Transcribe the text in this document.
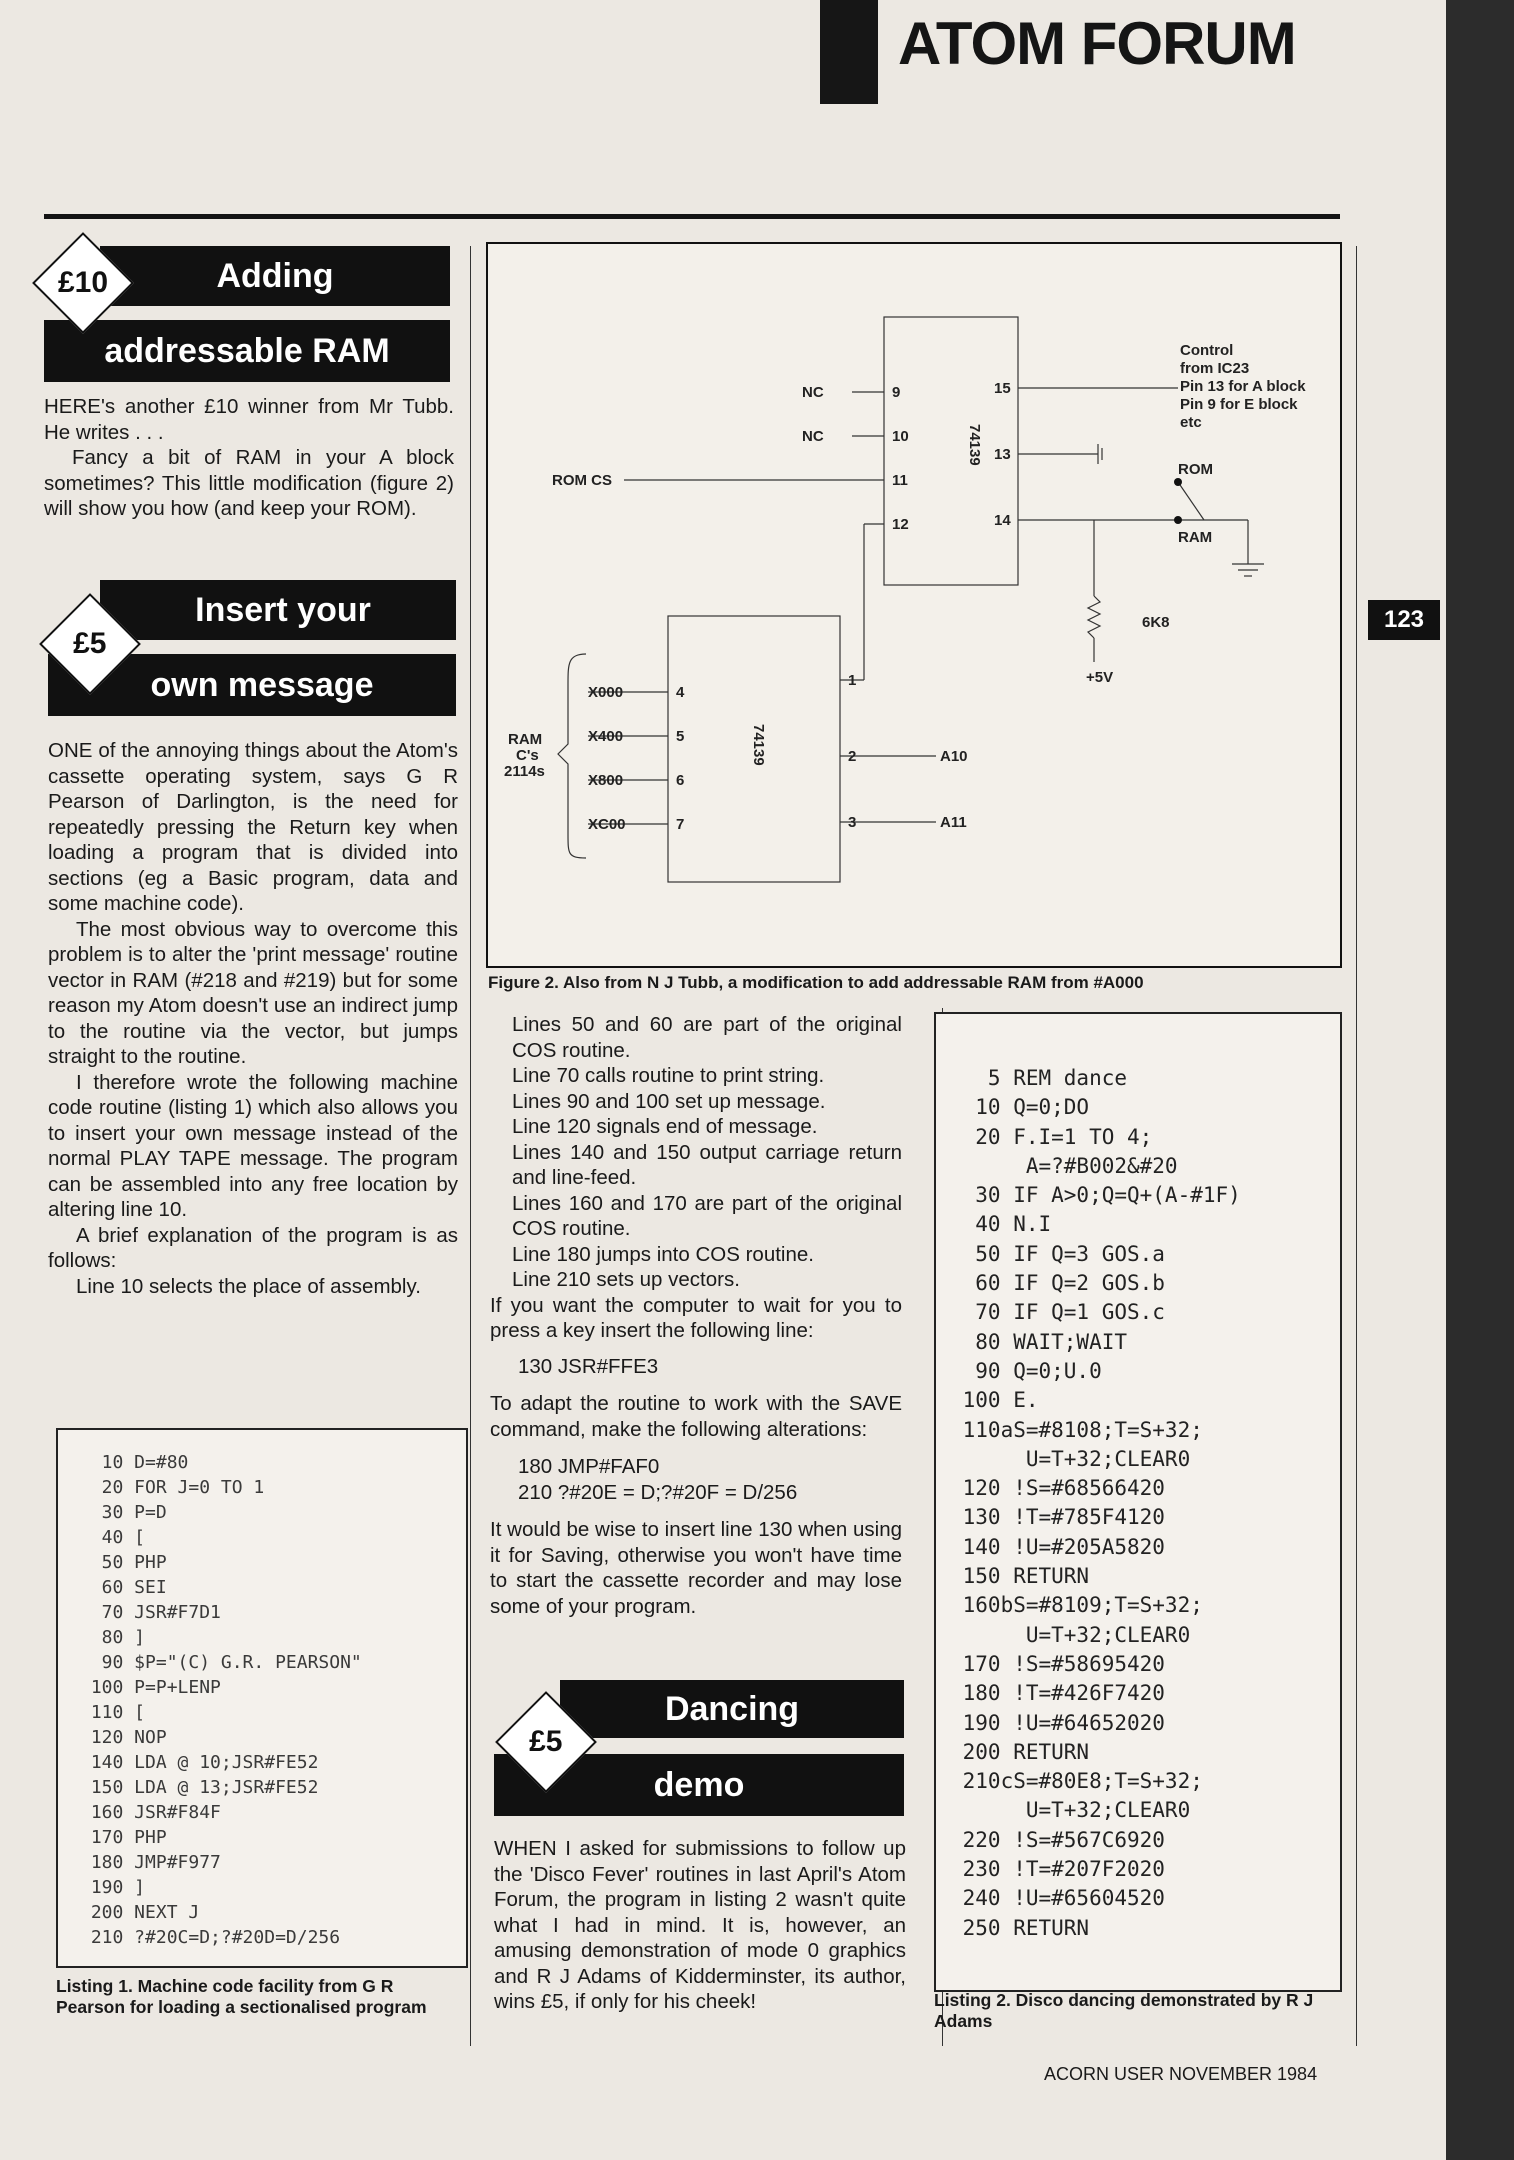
ATOM FORUM
123
Adding
addressable RAM
£10

HERE's another £10 winner from Mr Tubb. He writes . . .

Fancy a bit of RAM in your A block sometimes? This little modification (figure 2) will show you how (and keep your ROM).

Insert your
own message
£5

ONE of the annoying things about the Atom's cassette operating system, says G R Pearson of Darlington, is the need for repeatedly pressing the Return key when loading a program that is divided into sections (eg a Basic program, data and some machine code).

The most obvious way to overcome this problem is to alter the 'print message' routine vector in RAM (#218 and #219) but for some reason my Atom doesn't use an indirect jump to the routine via the vector, but jumps straight to the routine.

I therefore wrote the following machine code routine (listing 1) which also allows you to insert your own message instead of the normal PLAY TAPE message. The program can be assembled into any free location by altering line 10.

A brief explanation of the program is as follows:

Line 10 selects the place of assembly.

10 D=#80
20 FOR J=0 TO 1
30 P=D
40 [
50 PHP
60 SEI
70 JSR#F7D1
80 ]
90 $P="(C) G.R. PEARSON"
100 P=P+LENP
110 [
120 NOP
140 LDA @ 10;JSR#FE52
150 LDA @ 13;JSR#FE52
160 JSR#F84F
170 PHP
180 JMP#F977
190 ]
200 NEXT J
210 ?#20C=D;?#20D=D/256
Listing 1. Machine code facility from G R Pearson for loading a sectionalised program
NC
NC
ROM CS
9
10
11
12
15
13
14
74139
Control
from IC23
Pin 13 for A block
Pin 9 for E block
etc
ROM
RAM
6K8
+5V
1
2
3
4
5
6
7
74139
X000
X400
X800
XC00
RAM
C's
2114s
A10
A11
Figure 2. Also from N J Tubb, a modification to add addressable RAM from #A000
Lines 50 and 60 are part of the original COS routine.
Line 70 calls routine to print string.
Lines 90 and 100 set up message.
Line 120 signals end of message.
Lines 140 and 150 output carriage return and line-feed.
Lines 160 and 170 are part of the original COS routine.
Line 180 jumps into COS routine.
Line 210 sets up vectors.

If you want the computer to wait for you to press a key insert the following line:

130 JSR#FFE3

To adapt the routine to work with the SAVE command, make the following alterations:

180 JMP#FAF0

210 ?#20E = D;?#20F = D/256

It would be wise to insert line 130 when using it for Saving, otherwise you won't have time to start the cassette recorder and may lose some of your program.

Dancing
demo
£5

WHEN I asked for submissions to follow up the 'Disco Fever' routines in last April's Atom Forum, the program in listing 2 wasn't quite what I had in mind. It is, however, an amusing demonstration of mode 0 graphics and R J Adams of Kidderminster, its author, wins £5, if only for his cheek!

5 REM dance
10 Q=0;DO
20 F.I=1 TO 4;
A=?#B002&#20
30 IF A>0;Q=Q+(A-#1F)
40 N.I
50 IF Q=3 GOS.a
60 IF Q=2 GOS.b
70 IF Q=1 GOS.c
80 WAIT;WAIT
90 Q=0;U.0
100 E.
110aS=#8108;T=S+32;
U=T+32;CLEAR0
120 !S=#68566420
130 !T=#785F4120
140 !U=#205A5820
150 RETURN
160bS=#8109;T=S+32;
U=T+32;CLEAR0
170 !S=#58695420
180 !T=#426F7420
190 !U=#64652020
200 RETURN
210cS=#80E8;T=S+32;
U=T+32;CLEAR0
220 !S=#567C6920
230 !T=#207F2020
240 !U=#65604520
250 RETURN
Listing 2. Disco dancing demonstrated by R J Adams
ACORN USER NOVEMBER 1984
